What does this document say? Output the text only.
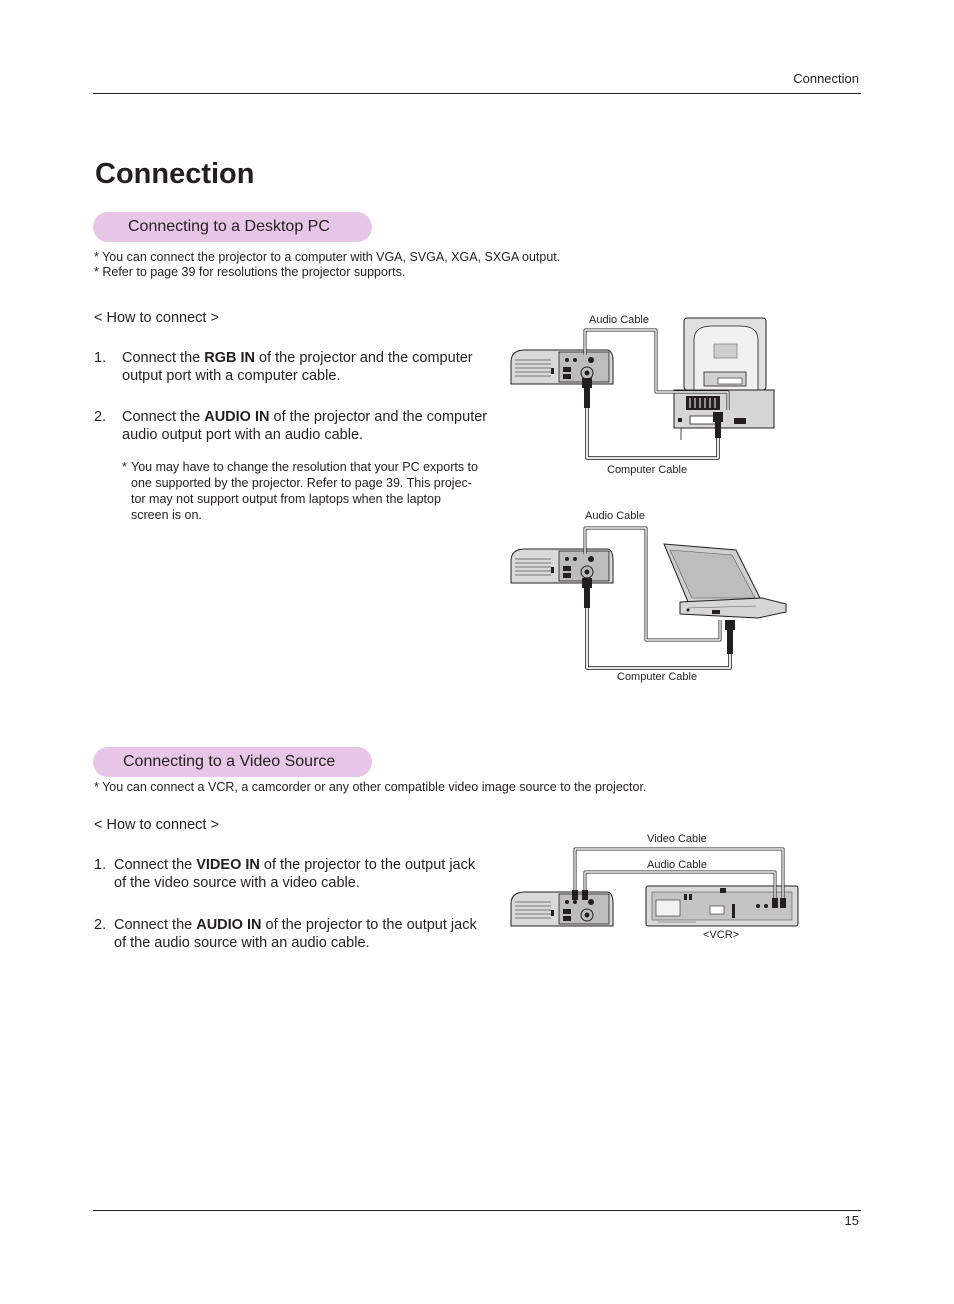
Connection
Connection
Connecting to a Desktop PC

* You can connect the projector to a computer with VGA, SVGA, XGA, SXGA output.

* Refer to page 39 for resolutions the projector supports.

< How to connect >
1. Connect the RGB IN of the projector and the computer
output port with a computer cable.
2. Connect the AUDIO IN of the projector and the computer
audio output port with an audio cable.
* You may have to change the resolution that your PC exports to
one supported by the projector. Refer to page 39. This projec-
tor may not support output from laptops when the laptop
screen is on.
Audio Cable
Computer Cable
Audio Cable
Computer Cable
Connecting to a Video Source

* You can connect a VCR, a camcorder or any other compatible video image source to the projector.

< How to connect >
1. Connect the VIDEO IN of the projector to the output jack
of the video source with a video cable.
2. Connect the AUDIO IN of the projector to the output jack
of the audio source with an audio cable.
Video Cable
Audio Cable
<VCR>
15
